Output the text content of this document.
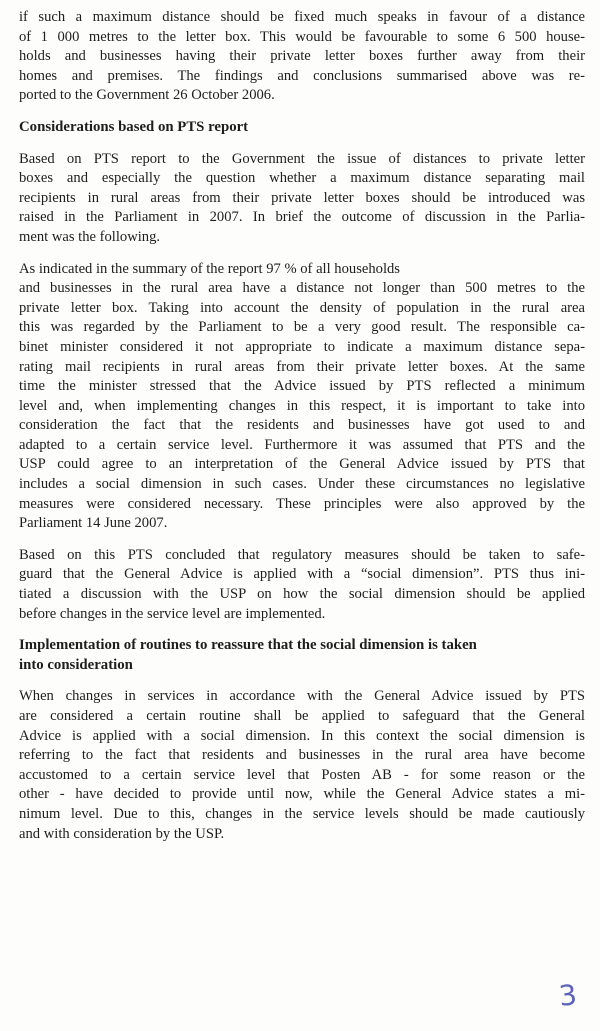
if such a maximum distance should be fixed much speaks in favour of a distance
of 1 000 metres to the letter box. This would be favourable to some 6 500 house-
holds and businesses having their private letter boxes further away from their
homes and premises. The findings and conclusions summarised above was re-
ported to the Government 26 October 2006.

Considerations based on PTS report

Based on PTS report to the Government the issue of distances to private letter
boxes and especially the question whether a maximum distance separating mail
recipients in rural areas from their private letter boxes should be introduced was
raised in the Parliament in 2007. In brief the outcome of discussion in the Parlia-
ment was the following.

As indicated in the summary of the report 97 % of all households
and businesses in the rural area have a distance not longer than 500 metres to the
private letter box. Taking into account the density of population in the rural area
this was regarded by the Parliament to be a very good result. The responsible ca-
binet minister considered it not appropriate to indicate a maximum distance sepa-
rating mail recipients in rural areas from their private letter boxes. At the same
time the minister stressed that the Advice issued by PTS reflected a minimum
level and, when implementing changes in this respect, it is important to take into
consideration the fact that the residents and businesses have got used to and
adapted to a certain service level. Furthermore it was assumed that PTS and the
USP could agree to an interpretation of the General Advice issued by PTS that
includes a social dimension in such cases. Under these circumstances no legislative
measures were considered necessary. These principles were also approved by the
Parliament 14 June 2007.

Based on this PTS concluded that regulatory measures should be taken to safe-
guard that the General Advice is applied with a “social dimension”. PTS thus ini-
tiated a discussion with the USP on how the social dimension should be applied
before changes in the service level are implemented.

Implementation of routines to reassure that the social dimension is taken
into consideration

When changes in services in accordance with the General Advice issued by PTS
are considered a certain routine shall be applied to safeguard that the General
Advice is applied with a social dimension. In this context the social dimension is
referring to the fact that residents and businesses in the rural area have become
accustomed to a certain service level that Posten AB - for some reason or the
other - have decided to provide until now, while the General Advice states a mi-
nimum level. Due to this, changes in the service levels should be made cautiously
and with consideration by the USP.

3
